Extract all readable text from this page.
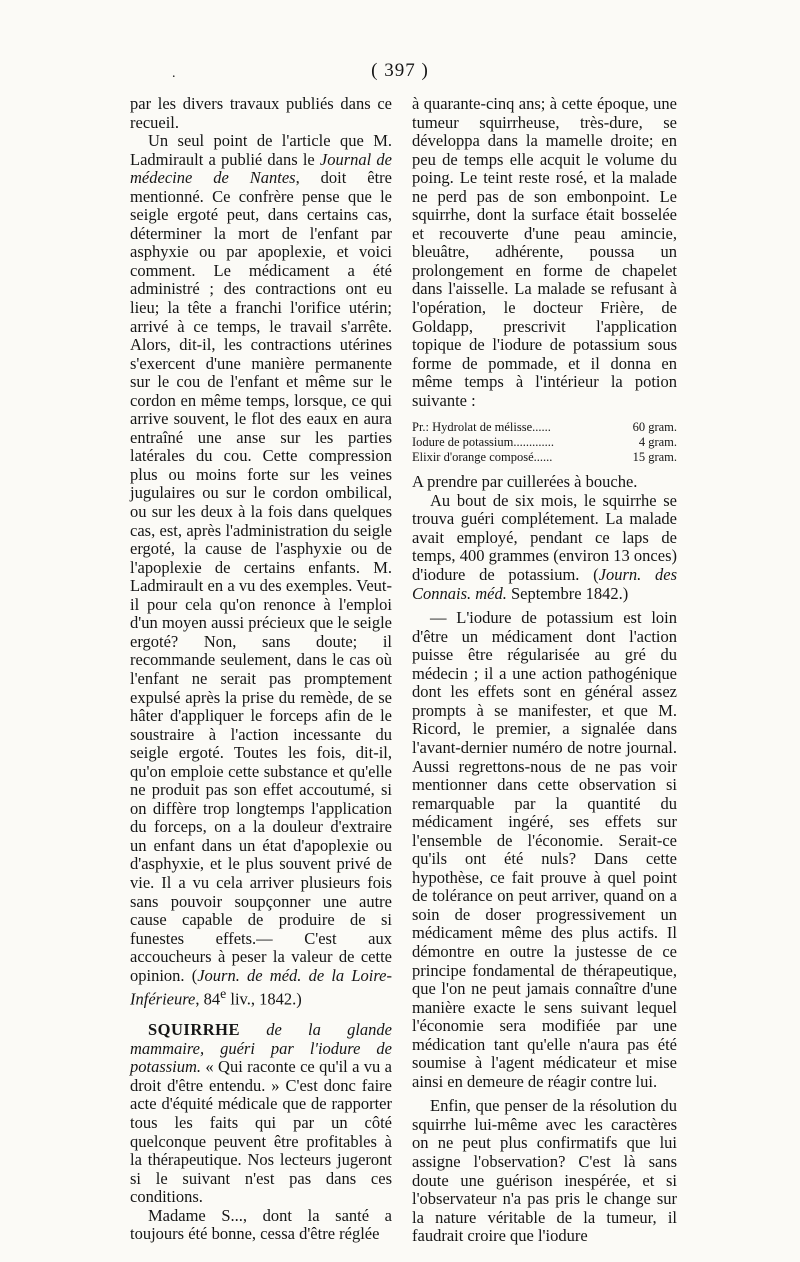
.	( 397 )

par les divers travaux publiés dans ce recueil.

Un seul point de l'article que M. Ladmirault a publié dans le Journal de médecine de Nantes, doit être mentionné. Ce confrère pense que le seigle ergoté peut, dans certains cas, déterminer la mort de l'enfant par asphyxie ou par apoplexie, et voici comment. Le médicament a été administré ; des contractions ont eu lieu; la tête a franchi l'orifice utérin; arrivé à ce temps, le travail s'arrête. Alors, dit-il, les contractions utérines s'exercent d'une manière permanente sur le cou de l'enfant et même sur le cordon en même temps, lorsque, ce qui arrive souvent, le flot des eaux en aura entraîné une anse sur les parties latérales du cou. Cette compression plus ou moins forte sur les veines jugulaires ou sur le cordon ombilical, ou sur les deux à la fois dans quelques cas, est, après l'administration du seigle ergoté, la cause de l'asphyxie ou de l'apoplexie de certains enfants. M. Ladmirault en a vu des exemples. Veut-il pour cela qu'on renonce à l'emploi d'un moyen aussi précieux que le seigle ergoté? Non, sans doute; il recommande seulement, dans le cas où l'enfant ne serait pas promptement expulsé après la prise du remède, de se hâter d'appliquer le forceps afin de le soustraire à l'action incessante du seigle ergoté. Toutes les fois, dit-il, qu'on emploie cette substance et qu'elle ne produit pas son effet accoutumé, si on diffère trop longtemps l'application du forceps, on a la douleur d'extraire un enfant dans un état d'apoplexie ou d'asphyxie, et le plus souvent privé de vie. Il a vu cela arriver plusieurs fois sans pouvoir soupçonner une autre cause capable de produire de si funestes effets.— C'est aux accoucheurs à peser la valeur de cette opinion. (Journ. de méd. de la Loire-Inférieure, 84e liv., 1842.)

SQUIRRHE de la glande mammaire, guéri par l'iodure de potassium. « Qui raconte ce qu'il a vu a droit d'être entendu. » C'est donc faire acte d'équité médicale que de rapporter tous les faits qui par un côté quelconque peuvent être profitables à la thérapeutique. Nos lecteurs jugeront si le suivant n'est pas dans ces conditions.

Madame S..., dont la santé a toujours été bonne, cessa d'être réglée

à quarante-cinq ans; à cette époque, une tumeur squirrheuse, très-dure, se développa dans la mamelle droite; en peu de temps elle acquit le volume du poing. Le teint reste rosé, et la malade ne perd pas de son embonpoint. Le squirrhe, dont la surface était bosselée et recouverte d'une peau amincie, bleuâtre, adhérente, poussa un prolongement en forme de chapelet dans l'aisselle. La malade se refusant à l'opération, le docteur Frière, de Goldapp, prescrivit l'application topique de l'iodure de potassium sous forme de pommade, et il donna en même temps à l'intérieur la potion suivante :

Pr.: Hydrolat de mélisse......	60 gram.
Iodure de potassium.............	4 gram.
Elixir d'orange composé......	15 gram.

A prendre par cuillerées à bouche.

Au bout de six mois, le squirrhe se trouva guéri complétement. La malade avait employé, pendant ce laps de temps, 400 grammes (environ 13 onces) d'iodure de potassium. (Journ. des Connais. méd. Septembre 1842.)

— L'iodure de potassium est loin d'être un médicament dont l'action puisse être régularisée au gré du médecin ; il a une action pathogénique dont les effets sont en général assez prompts à se manifester, et que M. Ricord, le premier, a signalée dans l'avant-dernier numéro de notre journal. Aussi regrettons-nous de ne pas voir mentionner dans cette observation si remarquable par la quantité du médicament ingéré, ses effets sur l'ensemble de l'économie. Serait-ce qu'ils ont été nuls? Dans cette hypothèse, ce fait prouve à quel point de tolérance on peut arriver, quand on a soin de doser progressivement un médicament même des plus actifs. Il démontre en outre la justesse de ce principe fondamental de thérapeutique, que l'on ne peut jamais connaître d'une manière exacte le sens suivant lequel l'économie sera modifiée par une médication tant qu'elle n'aura pas été soumise à l'agent médicateur et mise ainsi en demeure de réagir contre lui.

Enfin, que penser de la résolution du squirrhe lui-même avec les caractères on ne peut plus confirmatifs que lui assigne l'observation? C'est là sans doute une guérison inespérée, et si l'observateur n'a pas pris le change sur la nature véritable de la tumeur, il faudrait croire que l'iodure
